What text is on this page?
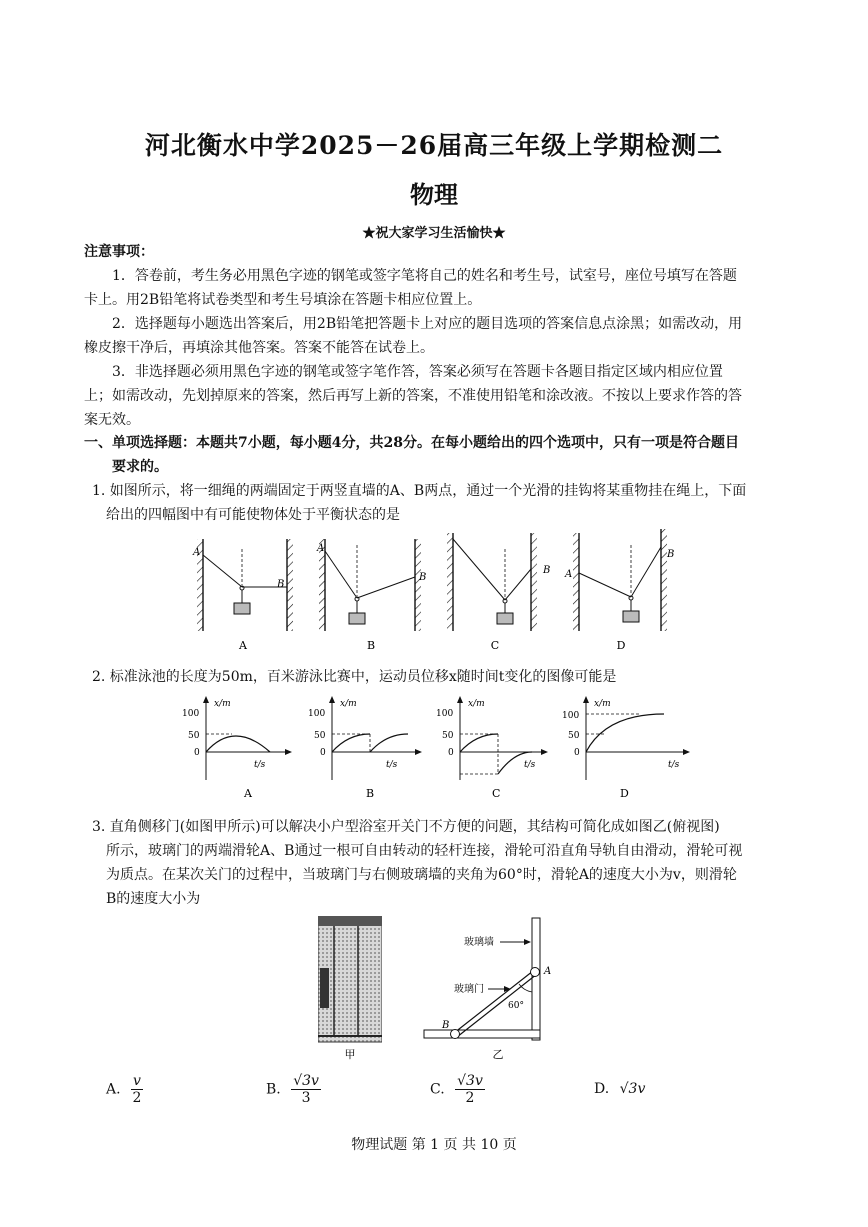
河北衡水中学2025－26届高三年级上学期检测二
物理
★祝大家学习生活愉快★
注意事项：
1．答卷前，考生务必用黑色字迹的钢笔或签字笔将自己的姓名和考生号，试室号，座位号填写在答题
卡上。用2B铅笔将试卷类型和考生号填涂在答题卡相应位置上。
2．选择题每小题选出答案后，用2B铅笔把答题卡上对应的题目选项的答案信息点涂黑；如需改动，用
橡皮擦干净后，再填涂其他答案。答案不能答在试卷上。
3．非选择题必须用黑色字迹的钢笔或签字笔作答，答案必须写在答题卡各题目指定区域内相应位置
上；如需改动，先划掉原来的答案，然后再写上新的答案，不准使用铅笔和涂改液。不按以上要求作答的答
案无效。
一、单项选择题：本题共7小题，每小题4分，共28分。在每小题给出的四个选项中，只有一项是符合题目
要求的。
1. 如图所示，将一细绳的两端固定于两竖直墙的A、B两点，通过一个光滑的挂钩将某重物挂在绳上，下面
给出的四幅图中有可能使物体处于平衡状态的是
A
B
A
A
B
B
B
C
A
B
D
2. 标准泳池的长度为50m，百米游泳比赛中，运动员位移x随时间t变化的图像可能是
x/m
100
50
0
t/s
A
x/m
100
50
0
t/s
B
x/m
100
50
0
t/s
C
x/m
100
50
0
t/s
D
3. 直角侧移门(如图甲所示)可以解决小户型浴室开关门不方便的问题，其结构可简化成如图乙(俯视图)
所示，玻璃门的两端滑轮A、B通过一根可自由转动的轻杆连接，滑轮可沿直角导轨自由滑动，滑轮可视
为质点。在某次关门的过程中，当玻璃门与右侧玻璃墙的夹角为60°时，滑轮A的速度大小为v，则滑轮
B的速度大小为
甲
60°
A
B
玻璃墙
玻璃门
乙
A. $\frac{v}{2}$	B. $\frac{√3v}{3}$	C. $\frac{√3v}{2}$	D. √3v
物理试题 第 1 页 共 10 页
